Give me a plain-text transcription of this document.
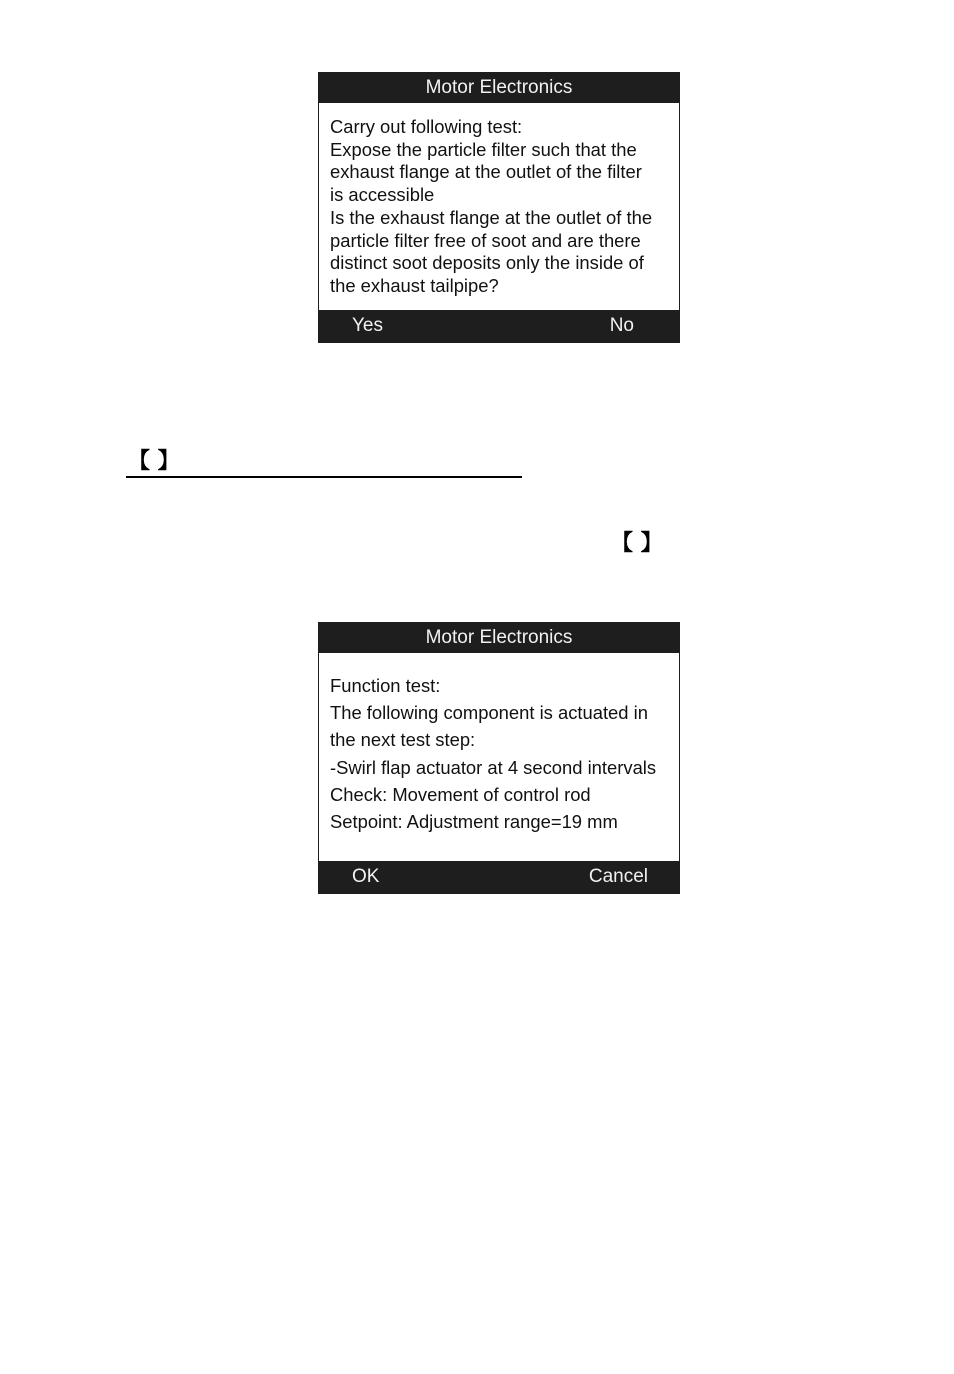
Motor Electronics
Carry out following test:
Expose the particle filter such that the
exhaust flange at the outlet of the filter
is accessible
Is the exhaust flange at the outlet of the
particle filter free of soot and are there
distinct soot deposits only the inside of
the exhaust tailpipe?
Yes	No
【 】
【 】
Motor Electronics
Function test:
The following component is actuated in
the next test step:
-Swirl flap actuator at 4 second intervals
Check: Movement of control rod
Setpoint: Adjustment range=19 mm
OK	Cancel
